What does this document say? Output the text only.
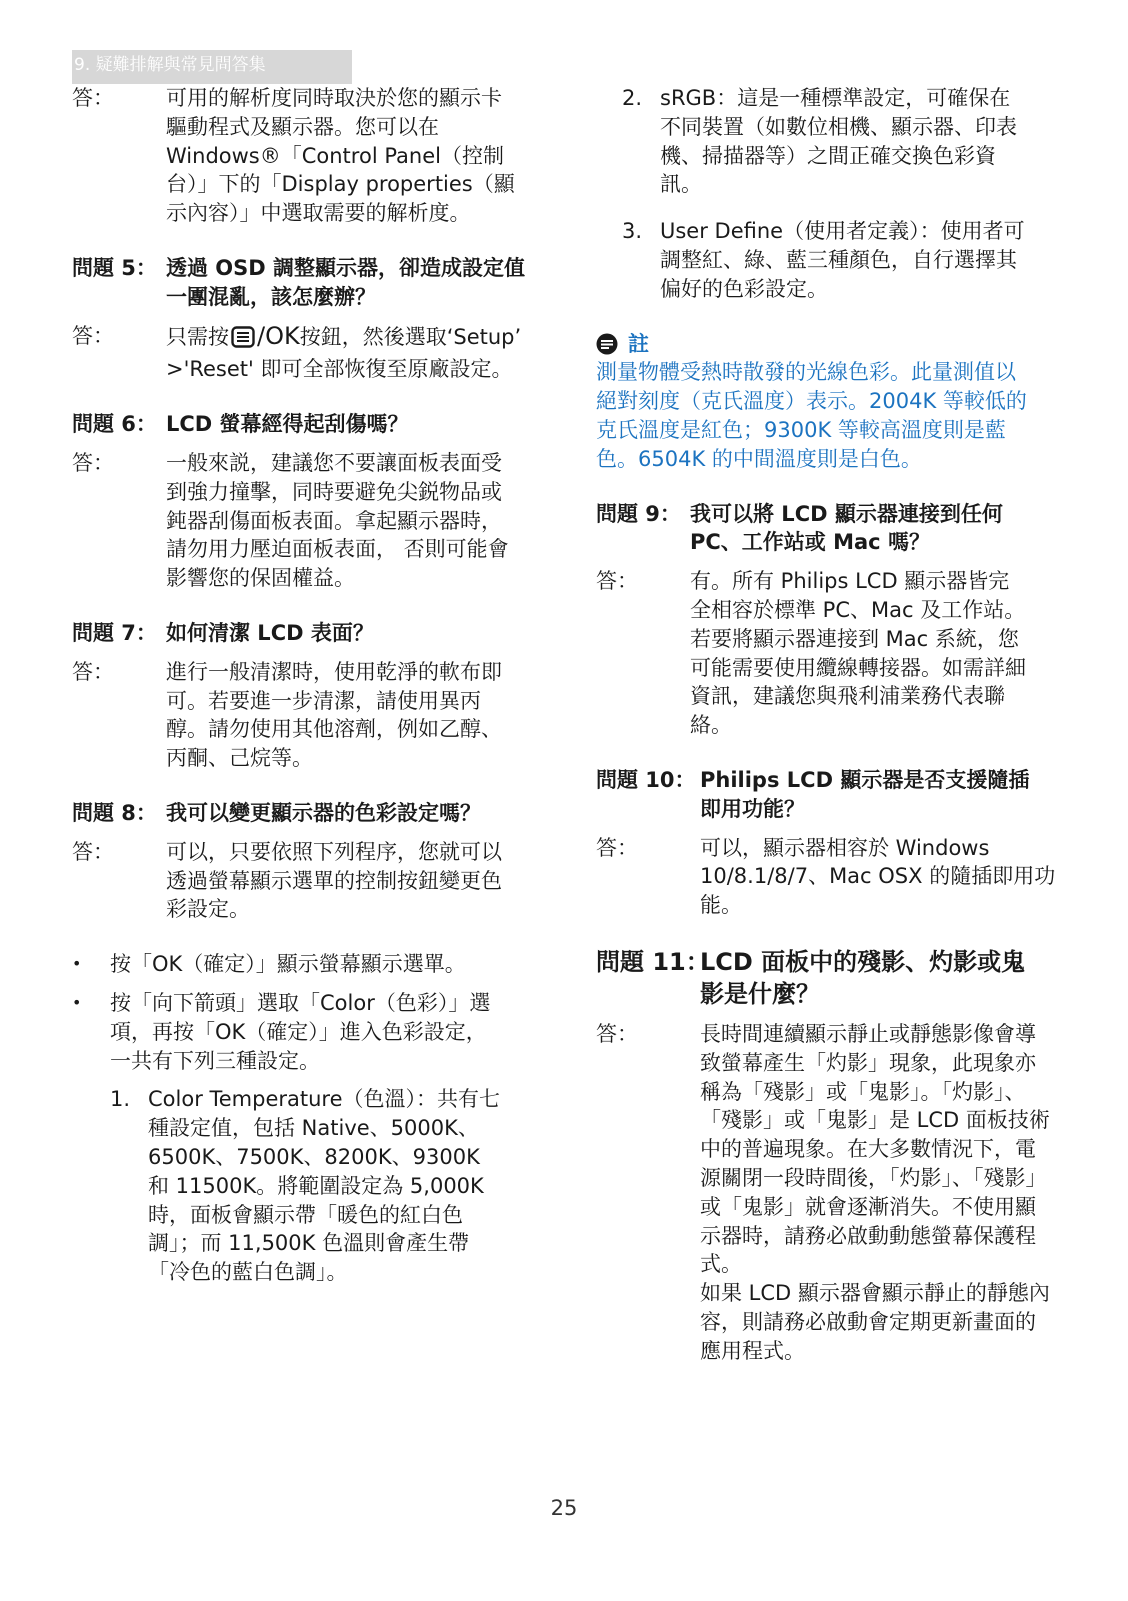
9. 疑難排解與常見問答集
答：	可用的解析度同時取決於您的顯示卡驅動程式及顯示器。您可以在 Windows®「Control Panel（控制台）」下的「Display properties（顯示內容）」中選取需要的解析度。
問題 5： 透過 OSD 調整顯示器，卻造成設定值一團混亂，該怎麼辦？
答：	只需按 /OK按鈕，然後選取‘Setup’ >'Reset' 即可全部恢復至原廠設定。
問題 6： LCD 螢幕經得起刮傷嗎？
答：	一般來説，建議您不要讓面板表面受到強力撞擊，同時要避免尖鋭物品或鈍器刮傷面板表面。拿起顯示器時，請勿用力壓迫面板表面， 否則可能會影響您的保固權益。
問題 7： 如何清潔 LCD 表面？
答：	進行一般清潔時，使用乾淨的軟布即可。若要進一步清潔，請使用異丙醇。請勿使用其他溶劑，例如乙醇、丙酮、己烷等。
問題 8： 我可以變更顯示器的色彩設定嗎？
答：	可以，只要依照下列程序，您就可以透過螢幕顯示選單的控制按鈕變更色彩設定。
•	按「OK（確定）」顯示螢幕顯示選單。
•	按「向下箭頭」選取「Color（色彩）」選項，再按「OK（確定）」進入色彩設定，一共有下列三種設定。
1. Color Temperature（色溫）：共有七種設定值，包括 Native、5000K、6500K、7500K、8200K、9300K 和 11500K。將範圍設定為 5,000K 時，面板會顯示帶「暖色的紅白色調」；而 11,500K 色溫則會產生帶「冷色的藍白色調」。
2. sRGB：這是一種標準設定，可確保在不同裝置（如數位相機、顯示器、印表機、掃描器等）之間正確交換色彩資訊。
3. User Define（使用者定義）：使用者可調整紅、綠、藍三種顏色，自行選擇其偏好的色彩設定。
註
測量物體受熱時散發的光線色彩。此量測值以絕對刻度（克氏溫度）表示。2004K 等較低的克氏溫度是紅色；9300K 等較高溫度則是藍色。6504K 的中間溫度則是白色。
問題 9： 我可以將 LCD 顯示器連接到任何 PC、工作站或 Mac 嗎？
答：	有。所有 Philips LCD 顯示器皆完全相容於標準 PC、Mac 及工作站。若要將顯示器連接到 Mac 系統，您可能需要使用纜線轉接器。如需詳細資訊，建議您與飛利浦業務代表聯絡。
問題 10： Philips LCD 顯示器是否支援隨插即用功能？
答：	可以，顯示器相容於 Windows 10/8.1/8/7、Mac OSX 的隨插即用功能。
問題 11：
LCD 面板中的殘影、灼影或鬼影是什麼？
答：	長時間連續顯示靜止或靜態影像會導致螢幕產生「灼影」現象，此現象亦稱為「殘影」或「鬼影」。「灼影」、「殘影」或「鬼影」是 LCD 面板技術中的普遍現象。在大多數情況下，電源關閉一段時間後，「灼影」、「殘影」或「鬼影」就會逐漸消失。不使用顯示器時，請務必啟動動態螢幕保護程式。
如果 LCD 顯示器會顯示靜止的靜態內容，則請務必啟動會定期更新畫面的應用程式。
25
